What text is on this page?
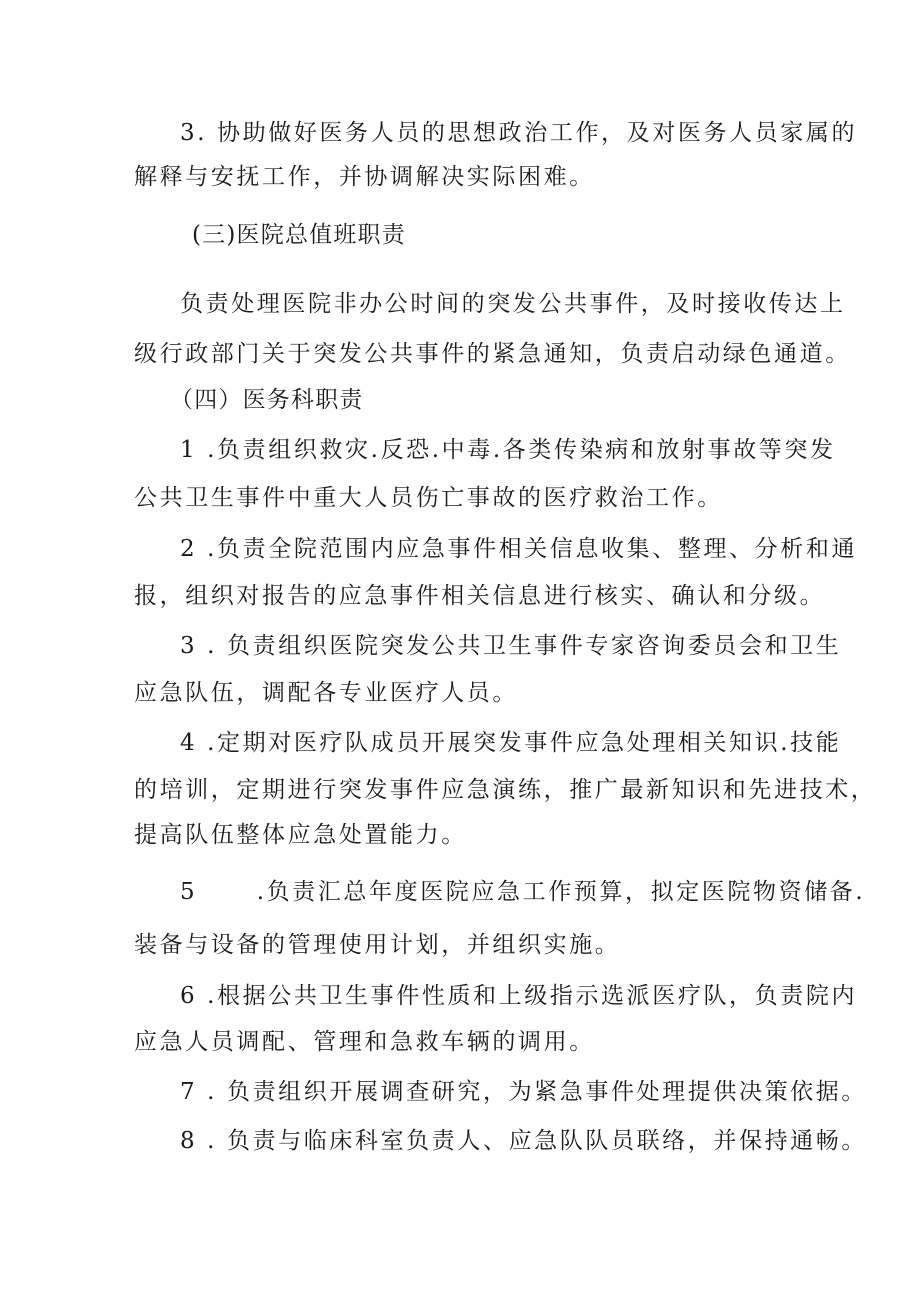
3. 协助做好医务人员的思想政治工作，及对医务人员家属的
解释与安抚工作，并协调解决实际困难。
(三)医院总值班职责
负责处理医院非办公时间的突发公共事件，及时接收传达上
级行政部门关于突发公共事件的紧急通知，负责启动绿色通道。
（四）医务科职责
1 .负责组织救灾.反恐.中毒.各类传染病和放射事故等突发
公共卫生事件中重大人员伤亡事故的医疗救治工作。
2 .负责全院范围内应急事件相关信息收集、整理、分析和通
报，组织对报告的应急事件相关信息进行核实、确认和分级。
3 . 负责组织医院突发公共卫生事件专家咨询委员会和卫生
应急队伍，调配各专业医疗人员。
4 .定期对医疗队成员开展突发事件应急处理相关知识.技能
的培训，定期进行突发事件应急演练，推广最新知识和先进技术，
提高队伍整体应急处置能力。
5      .负责汇总年度医院应急工作预算，拟定医院物资储备.
装备与设备的管理使用计划，并组织实施。
6 .根据公共卫生事件性质和上级指示选派医疗队，负责院内
应急人员调配、管理和急救车辆的调用。
7 . 负责组织开展调查研究，为紧急事件处理提供决策依据。
8 . 负责与临床科室负责人、应急队队员联络，并保持通畅。
